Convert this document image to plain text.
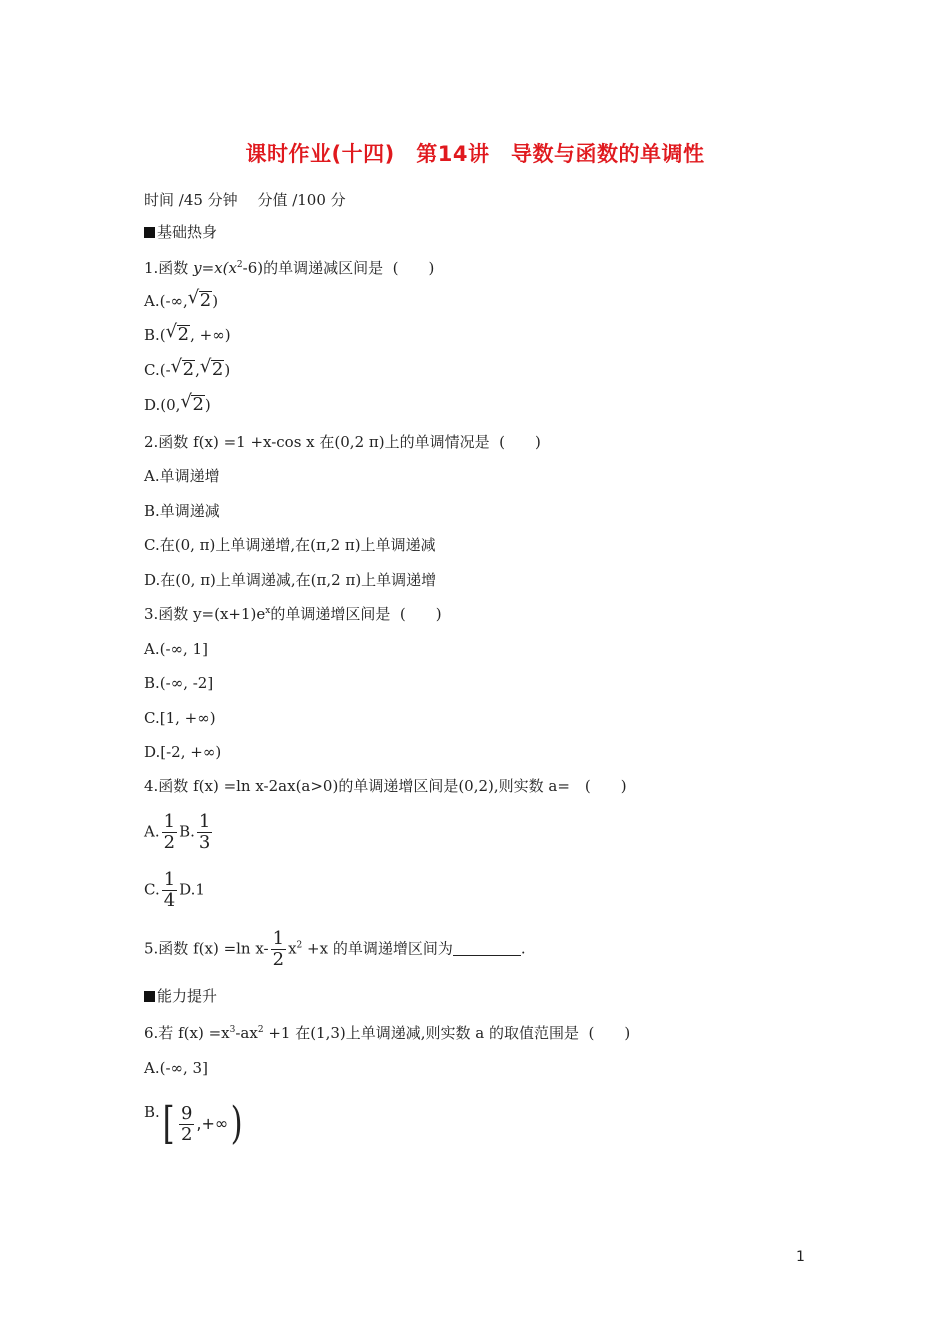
课时作业(十四)　第14讲　导数与函数的单调性
时间 ∕45 分钟　 分值 ∕100 分
基础热身
1.函数 $y=x(x^2-6)$的单调递减区间是  (　　)
A.(-∞, √ 2)
B.( √ 2, +∞)
C.(- √ 2, √ 2)
D.(0, √ 2)
2.函数 f(x) =1 +x-cos x 在(0,2 π)上的单调情况是  (　　)
A.单调递增
B.单调递减
C.在(0, π)上单调递增,在(π,2 π)上单调递减
D.在(0, π)上单调递减,在(π,2 π)上单调递增
3.函数 $y=(x+1)e^x$的单调递增区间是  (　　)
A.(-∞, 1]
B.(-∞, -2]
C.[1, +∞)
D.[-2, +∞)
4.函数 f(x) =ln x-2ax(a>0)的单调递增区间是(0,2),则实数 a=　(　　)
A. $\frac{1}{2} B$. $\frac{1}{3}$
C. $\frac{1}{4} D.1$
5.函数 f(x) =ln $x- \frac{1}{2} x^2 +x$ 的单调递增区间为	.
能力提升
6.若 $f(x) =x^3-ax^2 +1$ 在(1,3)上单调递减,则实数 a 的取值范围是  (　　)
A.(-∞, 3]
B. [ $\frac{9}{2}$ ,+∞ )
1
